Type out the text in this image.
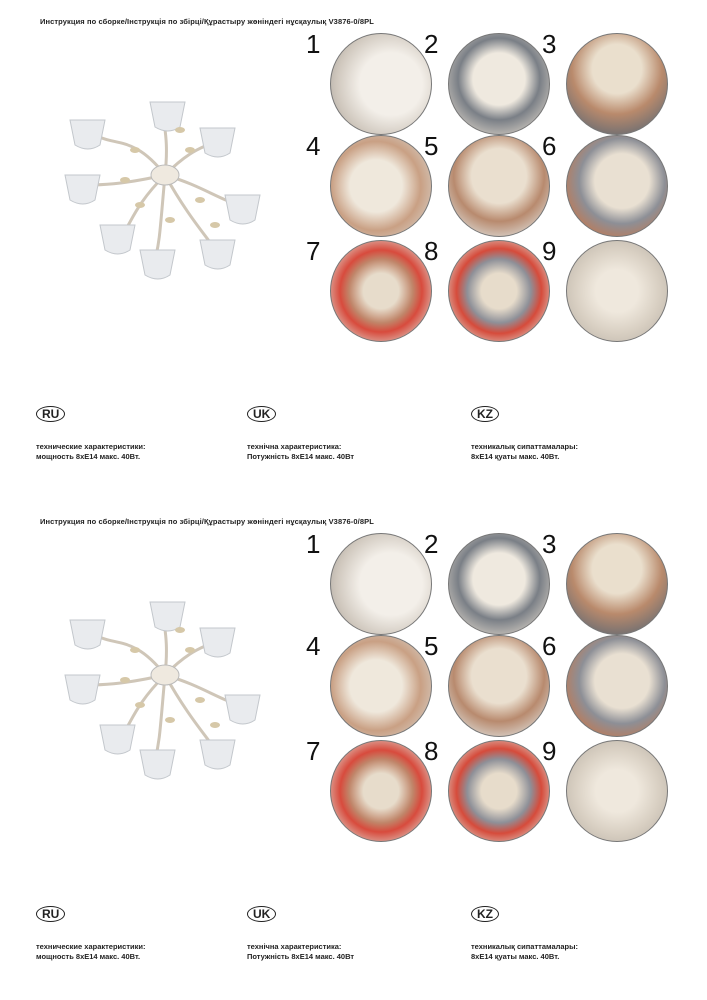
Инструкция по сборке/Інструкція по збірці/Құрастыру жөніндегі нұсқаулық V3876-0/8PL
1	2	3
4	5	6
7	8	9
RU	UK	KZ
технические характеристики:
мощность 8xE14 макс. 40Вт.
технічна характеристика:
Потужність 8xE14 макс. 40Вт
техникалық сипаттамалары:
8xE14 қуаты макс. 40Вт.
Инструкция по сборке/Інструкція по збірці/Құрастыру жөніндегі нұсқаулық V3876-0/8PL
1	2	3
4	5	6
7	8	9
RU	UK	KZ
технические характеристики:
мощность 8xE14 макс. 40Вт.
технічна характеристика:
Потужність 8xE14 макс. 40Вт
техникалық сипаттамалары:
8xE14 қуаты макс. 40Вт.
